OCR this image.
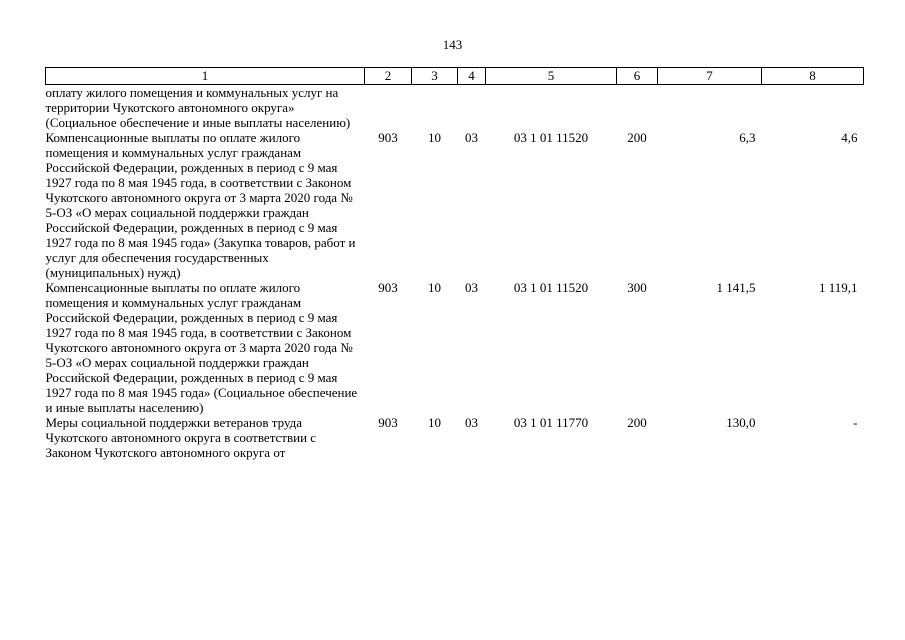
143
1	2	3	4	5	6	7	8
оплату жилого помещения и коммунальных услуг на территории Чукотского автономного округа» (Социальное обеспечение и иные выплаты населению)							
Компенсационные выплаты по оплате жилого помещения и коммунальных услуг гражданам Российской Федерации, рожденных в период с 9 мая 1927 года по 8 мая 1945 года, в соответствии с Законом Чукотского автономного округа от 3 марта 2020 года № 5-ОЗ «О мерах социальной поддержки граждан Российской Федерации, рожденных в период с 9 мая 1927 года по 8 мая 1945 года» (Закупка товаров, работ и услуг для обеспечения государственных (муниципальных) нужд)	903	10	03	03 1 01 11520	200	6,3	4,6
Компенсационные выплаты по оплате жилого помещения и коммунальных услуг гражданам Российской Федерации, рожденных в период с 9 мая 1927 года по 8 мая 1945 года, в соответствии с Законом Чукотского автономного округа от 3 марта 2020 года № 5-ОЗ «О мерах социальной поддержки граждан Российской Федерации, рожденных в период с 9 мая 1927 года по 8 мая 1945 года» (Социальное обеспечение и иные выплаты населению)	903	10	03	03 1 01 11520	300	1 141,5	1 119,1
Меры социальной поддержки ветеранов труда Чукотского автономного округа в соответствии с Законом Чукотского автономного округа от	903	10	03	03 1 01 11770	200	130,0	-
